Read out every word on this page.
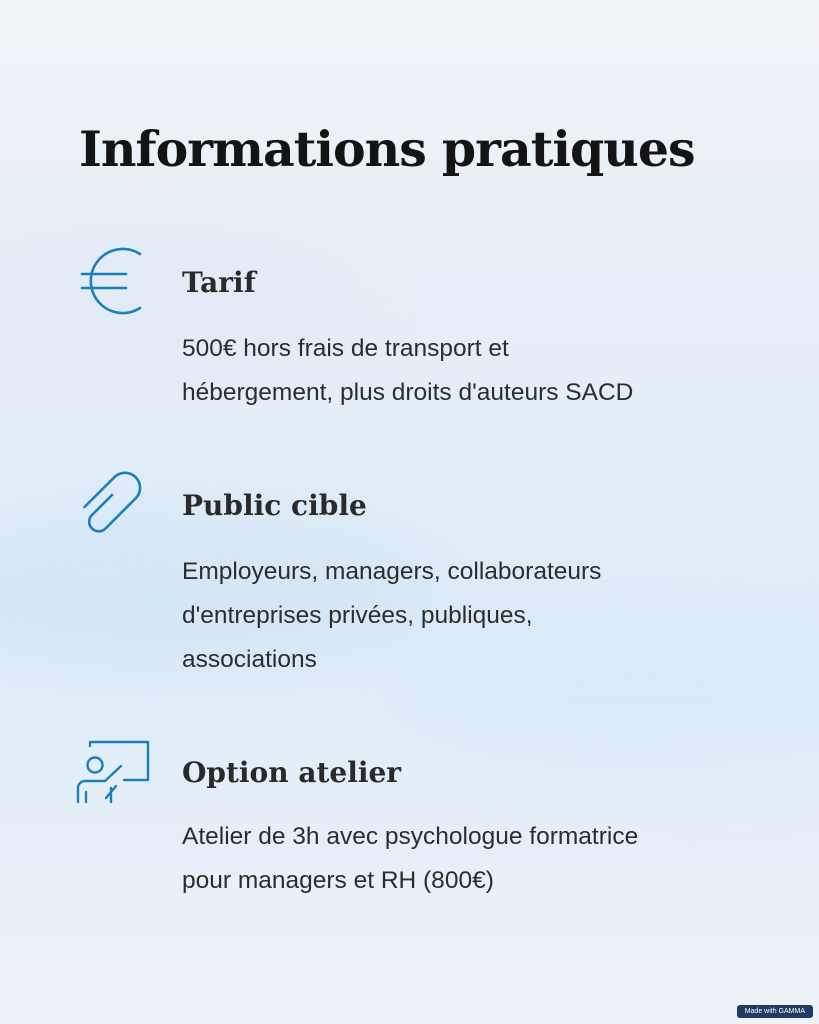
Informations pratiques
Tarif

500€ hors frais de transport et
hébergement, plus droits d'auteurs SACD

Public cible

Employeurs, managers, collaborateurs
d'entreprises privées, publiques,
associations

Option atelier

Atelier de 3h avec psychologue formatrice
pour managers et RH (800€)

Made with GAMMA
